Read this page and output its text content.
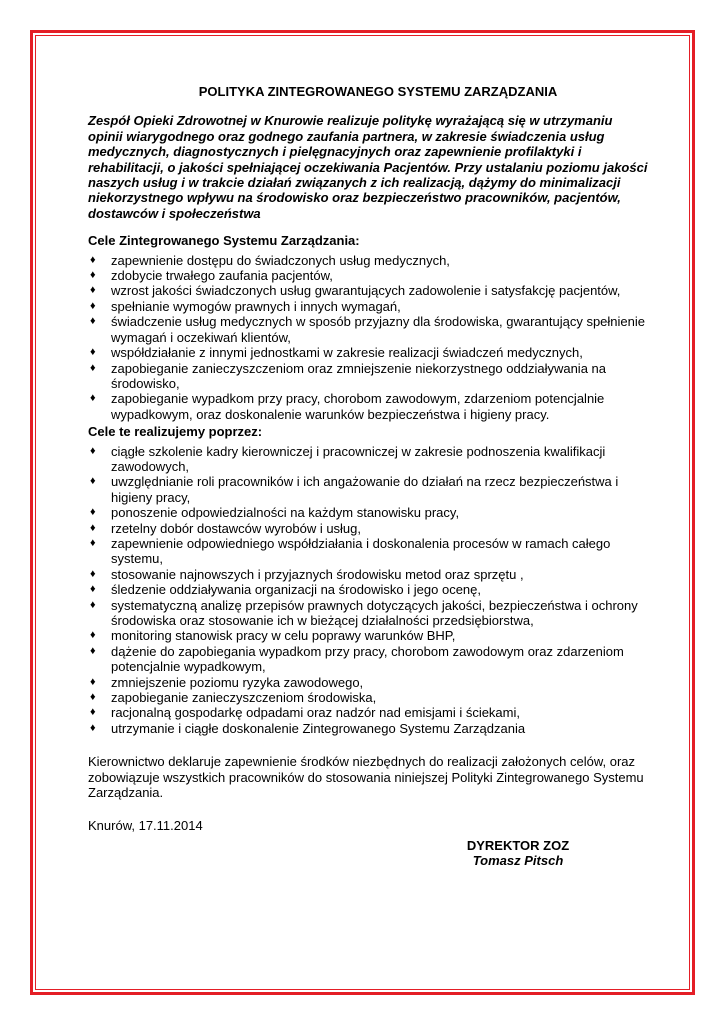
POLITYKA ZINTEGROWANEGO SYSTEMU ZARZĄDZANIA
Zespół Opieki Zdrowotnej w Knurowie realizuje politykę wyrażającą się w utrzymaniu opinii wiarygodnego oraz godnego zaufania partnera, w zakresie świadczenia usług medycznych, diagnostycznych i pielęgnacyjnych oraz zapewnienie profilaktyki i rehabilitacji, o jakości spełniającej oczekiwania Pacjentów. Przy ustalaniu poziomu jakości naszych usług i w trakcie działań związanych z ich realizacją, dążymy do minimalizacji niekorzystnego wpływu na środowisko oraz bezpieczeństwo pracowników, pacjentów, dostawców i społeczeństwa
Cele Zintegrowanego Systemu Zarządzania:
♦ zapewnienie dostępu do świadczonych usług medycznych,
♦ zdobycie trwałego zaufania pacjentów,
♦ wzrost jakości świadczonych usług gwarantujących zadowolenie i satysfakcję pacjentów,
♦ spełnianie wymogów prawnych i innych wymagań,
♦ świadczenie usług medycznych w sposób przyjazny dla środowiska, gwarantujący spełnienie wymagań i oczekiwań klientów,
♦ współdziałanie z innymi jednostkami w zakresie realizacji świadczeń medycznych,
♦ zapobieganie zanieczyszczeniom oraz zmniejszenie niekorzystnego oddziaływania na środowisko,
♦ zapobieganie wypadkom przy pracy, chorobom zawodowym, zdarzeniom potencjalnie wypadkowym, oraz doskonalenie warunków bezpieczeństwa i higieny pracy.
Cele te realizujemy poprzez:
♦ ciągłe szkolenie kadry kierowniczej i pracowniczej w zakresie podnoszenia kwalifikacji zawodowych,
♦ uwzględnianie roli pracowników i ich angażowanie do działań na rzecz bezpieczeństwa i higieny pracy,
♦ ponoszenie odpowiedzialności na każdym stanowisku pracy,
♦ rzetelny dobór dostawców wyrobów i usług,
♦ zapewnienie odpowiedniego współdziałania i doskonalenia procesów w ramach całego systemu,
♦ stosowanie najnowszych i przyjaznych środowisku metod oraz sprzętu ,
♦ śledzenie oddziaływania organizacji na środowisko i jego ocenę,
♦ systematyczną analizę przepisów prawnych dotyczących jakości, bezpieczeństwa i ochrony środowiska oraz stosowanie ich w bieżącej działalności przedsiębiorstwa,
♦ monitoring stanowisk pracy w celu poprawy warunków BHP,
♦ dążenie do zapobiegania wypadkom przy pracy, chorobom zawodowym oraz zdarzeniom potencjalnie wypadkowym,
♦ zmniejszenie poziomu ryzyka zawodowego,
♦ zapobieganie zanieczyszczeniom środowiska,
♦ racjonalną gospodarkę odpadami oraz nadzór nad emisjami i ściekami,
♦ utrzymanie i ciągłe doskonalenie Zintegrowanego Systemu Zarządzania
Kierownictwo deklaruje zapewnienie środków niezbędnych do realizacji założonych celów, oraz zobowiązuje wszystkich pracowników do stosowania niniejszej Polityki Zintegrowanego Systemu Zarządzania.
Knurów, 17.11.2014
DYREKTOR ZOZ
Tomasz Pitsch
